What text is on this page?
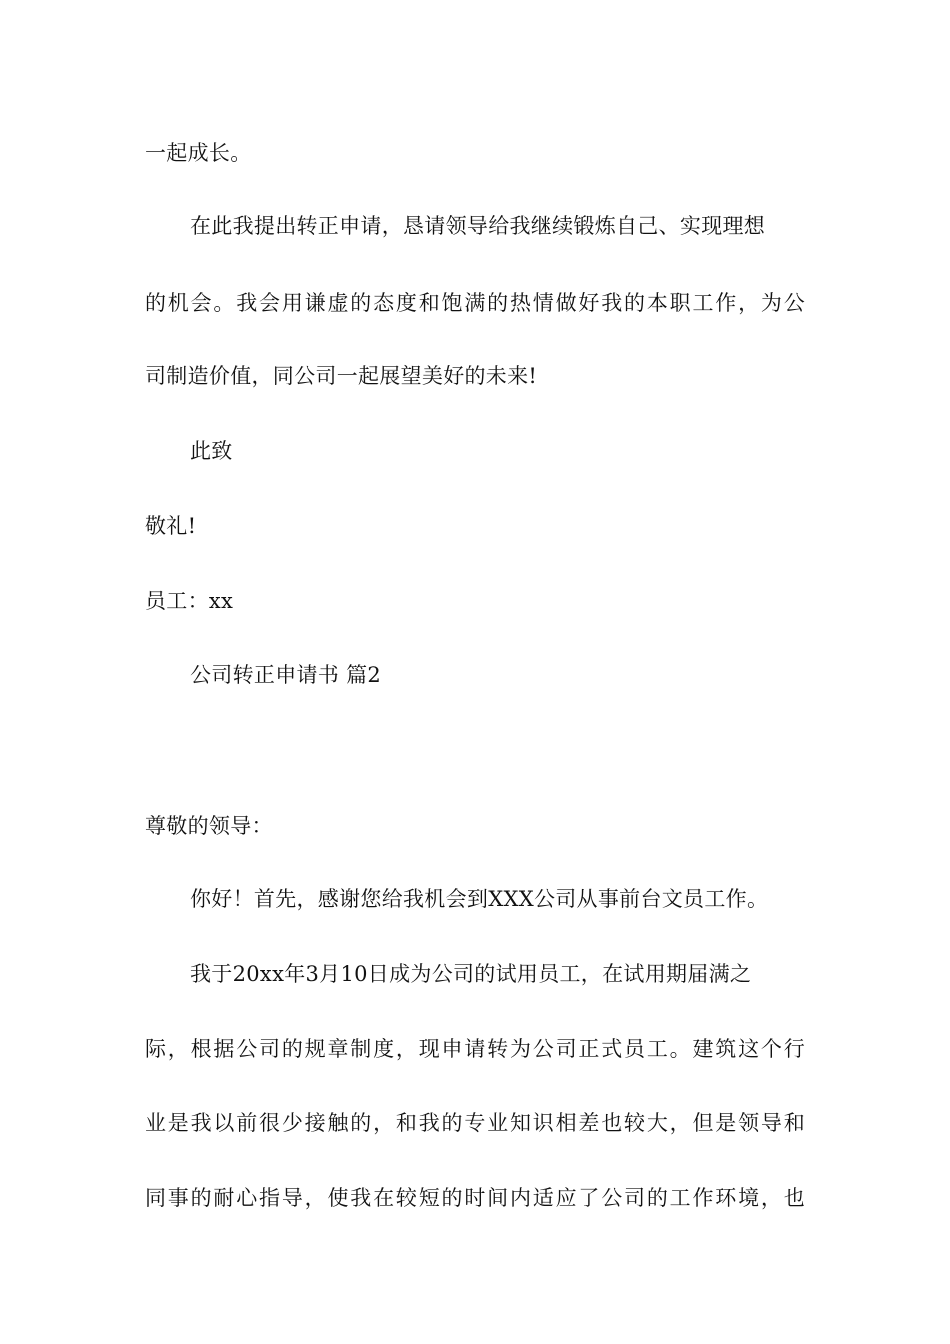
一起成长。
在此我提出转正申请，恳请领导给我继续锻炼自己、实现理想
的机会。我会用谦虚的态度和饱满的热情做好我的本职工作，为公
司制造价值，同公司一起展望美好的未来!
此致
敬礼!
员工：xx
公司转正申请书 篇2
尊敬的领导：
你好！首先，感谢您给我机会到XXX公司从事前台文员工作。
我于20xx年3月10日成为公司的试用员工，在试用期届满之
际，根据公司的规章制度，现申请转为公司正式员工。建筑这个行
业是我以前很少接触的，和我的专业知识相差也较大，但是领导和
同事的耐心指导，使我在较短的时间内适应了公司的工作环境，也
